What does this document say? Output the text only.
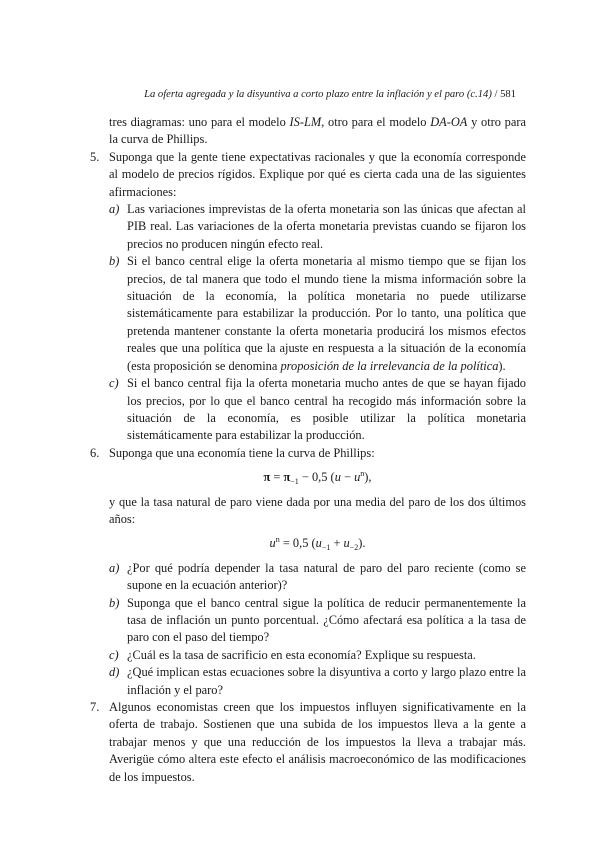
La oferta agregada y la disyuntiva a corto plazo entre la inflación y el paro (c.14) / 581

tres diagramas: uno para el modelo IS-LM, otro para el modelo DA-OA y otro para la curva de Phillips.

5. Suponga que la gente tiene expectativas racionales y que la economía corresponde al modelo de precios rígidos. Explique por qué es cierta cada una de las siguientes afirmaciones:

a) Las variaciones imprevistas de la oferta monetaria son las únicas que afectan al PIB real. Las variaciones de la oferta monetaria previstas cuando se fijaron los precios no producen ningún efecto real.

b) Si el banco central elige la oferta monetaria al mismo tiempo que se fijan los precios, de tal manera que todo el mundo tiene la misma información sobre la situación de la economía, la política monetaria no puede utilizarse sistemáticamente para estabilizar la producción. Por lo tanto, una política que pretenda mantener constante la oferta monetaria producirá los mismos efectos reales que una política que la ajuste en respuesta a la situación de la economía (esta proposición se denomina proposición de la irrelevancia de la política).

c) Si el banco central fija la oferta monetaria mucho antes de que se hayan fijado los precios, por lo que el banco central ha recogido más información sobre la situación de la economía, es posible utilizar la política monetaria sistemáticamente para estabilizar la producción.

6. Suponga que una economía tiene la curva de Phillips:

$\pi = \pi_{-1} - 0,5$ $(u - u^n)$,

y que la tasa natural de paro viene dada por una media del paro de los dos últimos años:

$u^n = 0,5$ $(u_{-1} + u_{-2})$.
a) ¿Por qué podría depender la tasa natural de paro del paro reciente (como se supone en la ecuación anterior)?

b) Suponga que el banco central sigue la política de reducir permanentemente la tasa de inflación un punto porcentual. ¿Cómo afectará esa política a la tasa de paro con el paso del tiempo?

c) ¿Cuál es la tasa de sacrificio en esta economía? Explique su respuesta.

d) ¿Qué implican estas ecuaciones sobre la disyuntiva a corto y largo plazo entre la inflación y el paro?

7. Algunos economistas creen que los impuestos influyen significativamente en la oferta de trabajo. Sostienen que una subida de los impuestos lleva a la gente a trabajar menos y que una reducción de los impuestos la lleva a trabajar más. Averigüe cómo altera este efecto el análisis macroeconómico de las modificaciones de los impuestos.
